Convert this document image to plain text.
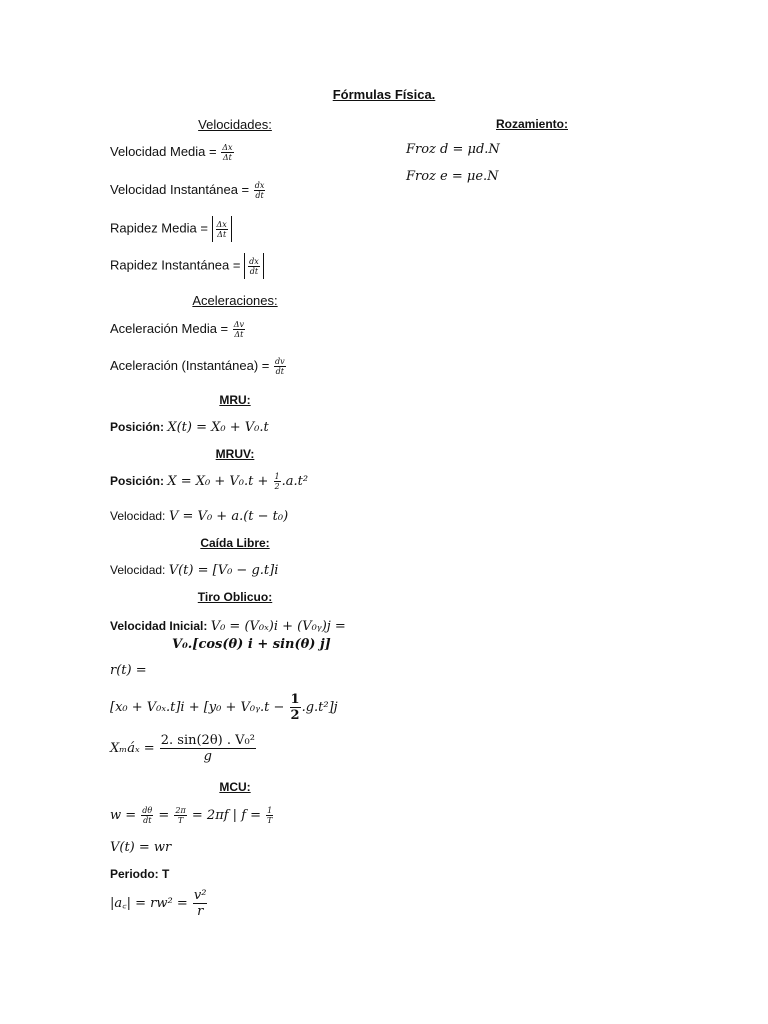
Fórmulas Física.
Velocidades:	Rozamiento:
Froz d = μd.N
Froz e = μe.N
Velocidad Media = $\frac{\Delta x}{\Delta t}$
Velocidad Instantánea = $\frac{dx}{dt}$
Rapidez Media = $\frac{\Delta x}{\Delta t}$
Rapidez Instantánea = $\frac{dx}{dt}$
Aceleraciones:
Aceleración Media = $\frac{\Delta v}{\Delta t}$
Aceleración (Instantánea) = $\frac{dv}{dt}$
MRU:
Posición: X(t) = X₀ + V₀.t
MRUV:
Posición: $X = X_0 + V_0.t + \frac{1}{2} .a.t^2$
Velocidad: V = V₀ + a.(t − t₀)
Caída Libre:
Velocidad: V(t) = [V₀ − g.t]i
Tiro Oblicuo:
Velocidad Inicial: V₀ = (V₀ₓ)i + (V₀ᵧ)j =
V₀.[cos(θ) i + sin(θ) j]
r(t) =
[x₀ + V₀ₓ.t]i + [y₀ + V₀ᵧ.t − $\frac{1}{2} .g.t^2]j$
Xₘáₓ = $\frac{\text{2. sin(2θ) . V₀²}}{g}$
MCU:
$w = \frac{d\theta}{dt} = \frac{2\pi}{T} = 2\pi f$ | $f = \frac{1}{T}$
V(t) = wr
Periodo: T
|a꜀| = $rw^2 = \frac{\text{v²}}{r}$
